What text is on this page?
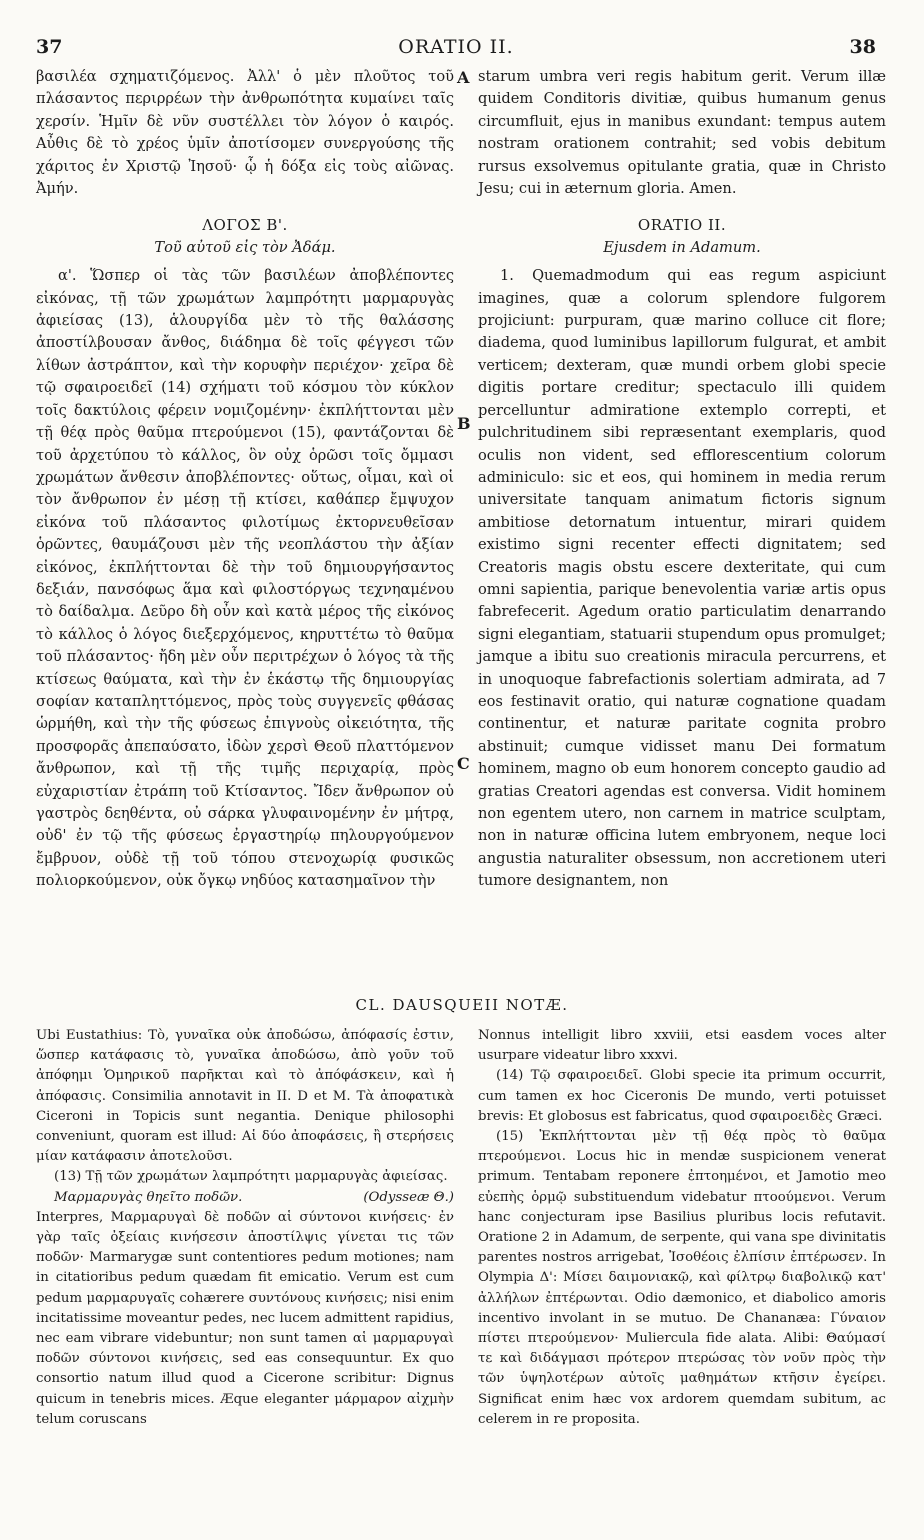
37	ORATIO II.	38

βασιλέα σχηματιζόμενος. Ἀλλ' ὁ μὲν πλοῦτος τοῦ πλάσαντος περιρρέων τὴν ἀνθρωπότητα κυμαίνει ταῖς χερσίν. Ἡμῖν δὲ νῦν συστέλλει τὸν λόγον ὁ καιρός. Αὖθις δὲ τὸ χρέος ὑμῖν ἀποτίσομεν συνεργούσης τῆς χάριτος ἐν Χριστῷ Ἰησοῦ· ᾧ ἡ δόξα εἰς τοὺς αἰῶνας. Ἀμήν.

ΛΟΓΟΣ Β'.

Τοῦ αὐτοῦ εἰς τὸν Ἀδάμ.

α'. Ὥσπερ οἱ τὰς τῶν βασιλέων ἀποβλέποντες εἰκόνας, τῇ τῶν χρωμάτων λαμπρότητι μαρμαρυγὰς ἀφιείσας (13), ἁλουργίδα μὲν τὸ τῆς θαλάσσης ἀποστίλβουσαν ἄνθος, διάδημα δὲ τοῖς φέγγεσι τῶν λίθων ἀστράπτον, καὶ τὴν κορυφὴν περιέχον· χεῖρα δὲ τῷ σφαιροειδεῖ (14) σχήματι τοῦ κόσμου τὸν κύκλον τοῖς δακτύλοις φέρειν νομιζομένην· ἐκπλήττονται μὲν τῇ θέᾳ πρὸς θαῦμα πτερούμενοι (15), φαντάζονται δὲ τοῦ ἀρχετύπου τὸ κάλλος, ὃν οὐχ ὁρῶσι τοῖς ὄμμασι χρωμάτων ἄνθεσιν ἀποβλέποντες· οὕτως, οἶμαι, καὶ οἱ τὸν ἄνθρωπον ἐν μέσῃ τῇ κτίσει, καθάπερ ἔμψυχον εἰκόνα τοῦ πλάσαντος φιλοτίμως ἐκτορνευθεῖσαν ὁρῶντες, θαυμάζουσι μὲν τῆς νεοπλάστου τὴν ἀξίαν εἰκόνος, ἐκπλήττονται δὲ τὴν τοῦ δημιουργήσαντος δεξιάν, πανσόφως ἅμα καὶ φιλοστόργως τεχνηαμένου τὸ δαίδαλμα. Δεῦρο δὴ οὖν καὶ κατὰ μέρος τῆς εἰκόνος τὸ κάλλος ὁ λόγος διεξερχόμενος, κηρυττέτω τὸ θαῦμα τοῦ πλάσαντος· ἤδη μὲν οὖν περιτρέχων ὁ λόγος τὰ τῆς κτίσεως θαύματα, καὶ τὴν ἐν ἑκάστῳ τῆς δημιουργίας σοφίαν καταπληττόμενος, πρὸς τοὺς συγγενεῖς φθάσας ὡρμήθη, καὶ τὴν τῆς φύσεως ἐπιγνοὺς οἰκειότητα, τῆς προσφορᾶς ἀπεπαύσατο, ἰδὼν χερσὶ Θεοῦ πλαττόμενον ἄνθρωπον, καὶ τῇ τῆς τιμῆς περιχαρίᾳ, πρὸς εὐχαριστίαν ἐτράπη τοῦ Κτίσαντος. Ἴδεν ἄνθρωπον οὐ γαστρὸς δεηθέντα, οὐ σάρκα γλυφαινομένην ἐν μήτρᾳ, οὐδ' ἐν τῷ τῆς φύσεως ἐργαστηρίῳ πηλουργούμενον ἔμβρυον, οὐδὲ τῇ τοῦ τόπου στενοχωρίᾳ φυσικῶς πολιορκούμενον, οὐκ ὄγκῳ νηδύος κατασημαῖνον τὴν

A
B
C

starum umbra veri regis habitum gerit. Verum illæ quidem Conditoris divitiæ, quibus humanum genus circumfluit, ejus in manibus exundant: tempus autem nostram orationem contrahit; sed vobis debitum rursus exsolvemus opitulante gratia, quæ in Christo Jesu; cui in æternum gloria. Amen.

ORATIO II.

Ejusdem in Adamum.

1. Quemadmodum qui eas regum aspiciunt imagines, quæ a colorum splendore fulgorem projiciunt: purpuram, quæ marino colluce cit flore; diadema, quod luminibus lapillorum fulgurat, et ambit verticem; dexteram, quæ mundi orbem globi specie digitis portare creditur; spectaculo illi quidem percelluntur admiratione extemplo correpti, et pulchritudinem sibi repræsentant exemplaris, quod oculis non vident, sed efflorescentium colorum adminiculo: sic et eos, qui hominem in media rerum universitate tanquam animatum fictoris signum ambitiose detornatum intuentur, mirari quidem existimo signi recenter effecti dignitatem; sed Creatoris magis obstu escere dexteritate, qui cum omni sapientia, parique benevolentia variæ artis opus fabrefecerit. Agedum oratio particulatim denarrando signi elegantiam, statuarii stupendum opus promulget; jamque a ibitu suo creationis miracula percurrens, et in unoquoque fabrefactionis solertiam admirata, ad 7 eos festinavit oratio, qui naturæ cognatione quadam continentur, et naturæ paritate cognita probro abstinuit; cumque vidisset manu Dei formatum hominem, magno ob eum honorem concepto gaudio ad gratias Creatori agendas est conversa. Vidit hominem non egentem utero, non carnem in matrice sculptam, non in naturæ officina lutem embryonem, neque loci angustia naturaliter obsessum, non accretionem uteri tumore designantem, non

CL. DAUSQUEII NOTÆ.

Ubi Eustathius: Τὸ, γυναῖκα οὐκ ἀποδώσω, ἀπόφασίς ἐστιν, ὥσπερ κατάφασις τὸ, γυναῖκα ἀποδώσω, ἀπὸ γοῦν τοῦ ἀπόφημι Ὁμηρικοῦ παρῆκται καὶ τὸ ἀπόφάσκειν, καὶ ἡ ἀπόφασις. Consimilia annotavit in II. D et M. Τὰ ἀποφατικὰ Ciceroni in Topicis sunt negantia. Denique philosophi conveniunt, quoram est illud: Αἱ δύο ἀποφάσεις, ἢ στερήσεις μίαν κατάφασιν ἀποτελοῦσι.

(13) Τῇ τῶν χρωμάτων λαμπρότητι μαρμαρυγὰς ἀφιείσας.

Μαρμαρυγὰς θηεῖτο ποδῶν.	(Odysseæ Θ.)

Interpres, Μαρμαρυγαὶ δὲ ποδῶν αἱ σύντονοι κινήσεις· ἐν γὰρ ταῖς ὀξείαις κινήσεσιν ἀποστίλψις γίνεται τις τῶν ποδῶν· Marmarygæ sunt contentiores pedum motiones; nam in citatioribus pedum quædam fit emicatio. Verum est cum pedum μαρμαρυγαῖς cohærere συντόνους κινήσεις; nisi enim incitatissime moveantur pedes, nec lucem admittent rapidius, nec eam vibrare videbuntur; non sunt tamen αἱ μαρμαρυγαὶ ποδῶν σύντονοι κινήσεις, sed eas consequuntur. Ex quo consortio natum illud quod a Cicerone scribitur: Dignus quicum in tenebris mices. Æque eleganter μάρμαρον αἰχμὴν telum coruscans

Nonnus intelligit libro xxviii, etsi easdem voces alter usurpare videatur libro xxxvi.

(14) Τῷ σφαιροειδεῖ. Globi specie ita primum occurrit, cum tamen ex hoc Ciceronis De mundo, verti potuisset brevis: Et globosus est fabricatus, quod σφαιροειδὲς Græci.

(15) Ἐκπλήττονται μὲν τῇ θέᾳ πρὸς τὸ θαῦμα πτερούμενοι. Locus hic in mendæ suspicionem venerat primum. Tentabam reponere ἐπτοημένοι, et Jamotio meo εὐεπὴς ὁρμῷ substituendum videbatur πτοούμενοι. Verum hanc conjecturam ipse Basilius pluribus locis refutavit. Oratione 2 in Adamum, de serpente, qui vana spe divinitatis parentes nostros arrigebat, Ἰσοθέοις ἐλπίσιν ἐπτέρωσεν. In Olympia Δ': Μίσει δαιμονιακῷ, καὶ φίλτρῳ διαβολικῷ κατ' ἀλλήλων ἐπτέρωνται. Odio dæmonico, et diabolico amoris incentivo involant in se mutuo. De Chananæa: Γύναιον πίστει πτερούμενον· Muliercula fide alata. Alibi: Θαύμασί τε καὶ διδάγμασι πρότερον πτερώσας τὸν νοῦν πρὸς τὴν τῶν ὑψηλοτέρων αὐτοῖς μαθημάτων κτῆσιν ἐγείρει. Significat enim hæc vox ardorem quemdam subitum, ac celerem in re proposita.
